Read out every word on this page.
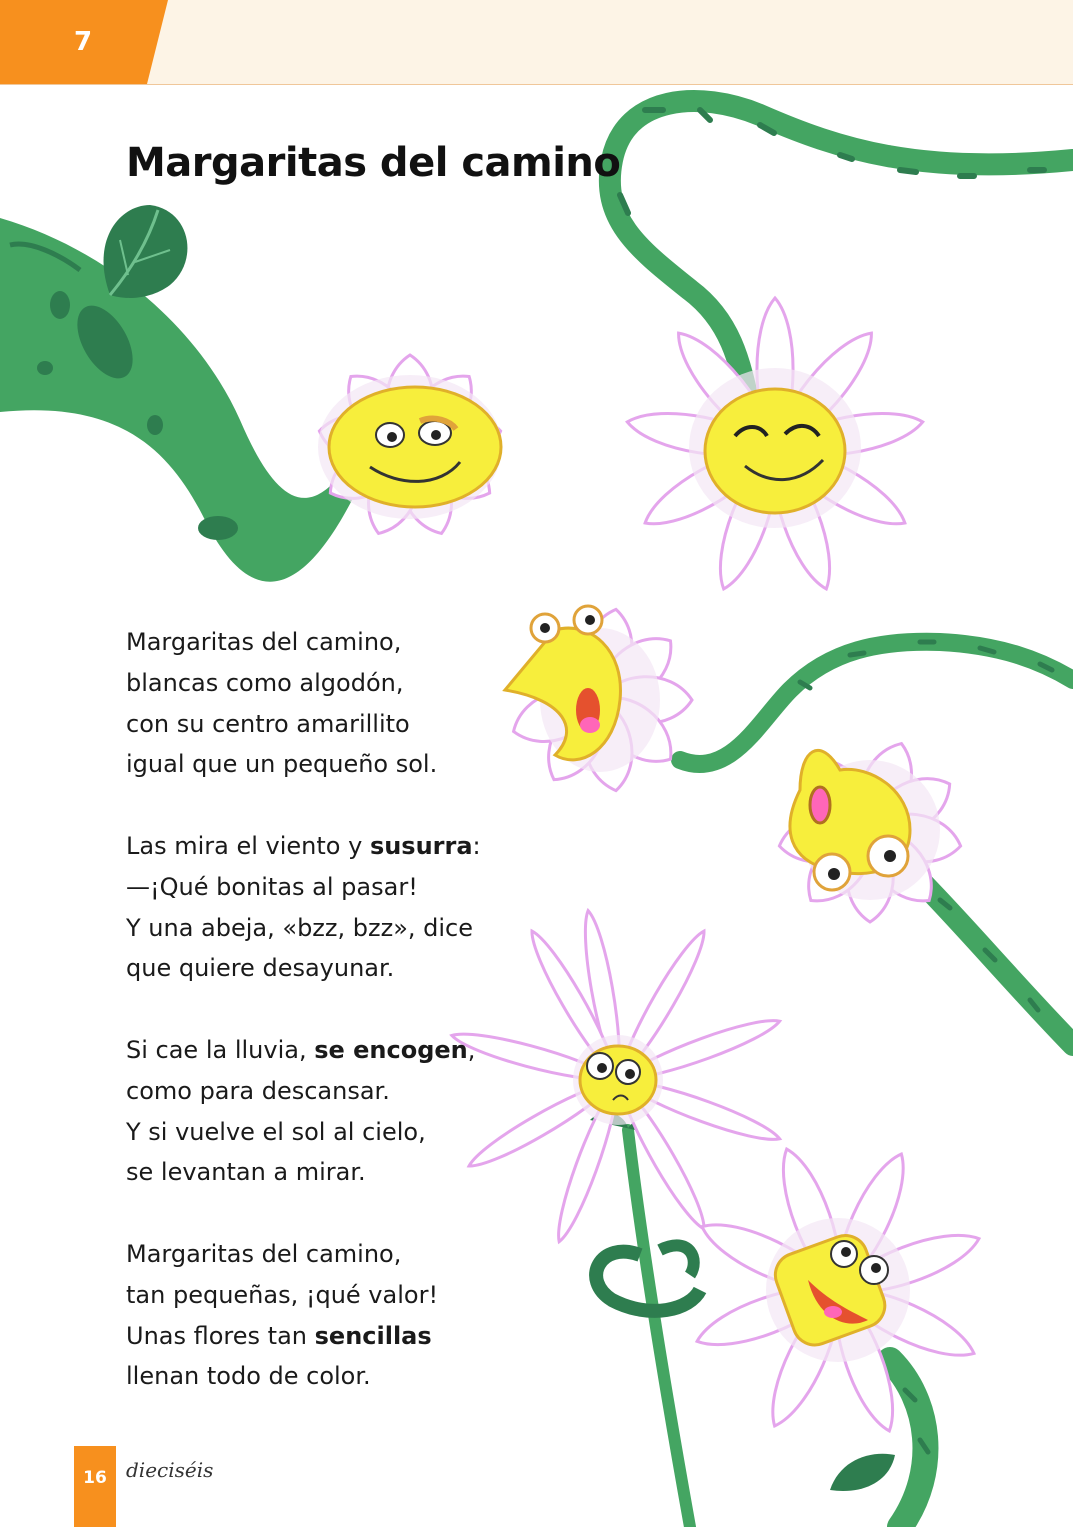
7
Margaritas del camino
Margaritas del camino,
blancas como algodón,
con su centro amarillito
igual que un pequeño sol.
Las mira el viento y susurra:
—¡Qué bonitas al pasar!
Y una abeja, «bzz, bzz», dice
que quiere desayunar.
Si cae la lluvia, se encogen,
como para descansar.
Y si vuelve el sol al cielo,
se levantan a mirar.
Margaritas del camino,
tan pequeñas, ¡qué valor!
Unas flores tan sencillas
llenan todo de color.
16 dieciséis
